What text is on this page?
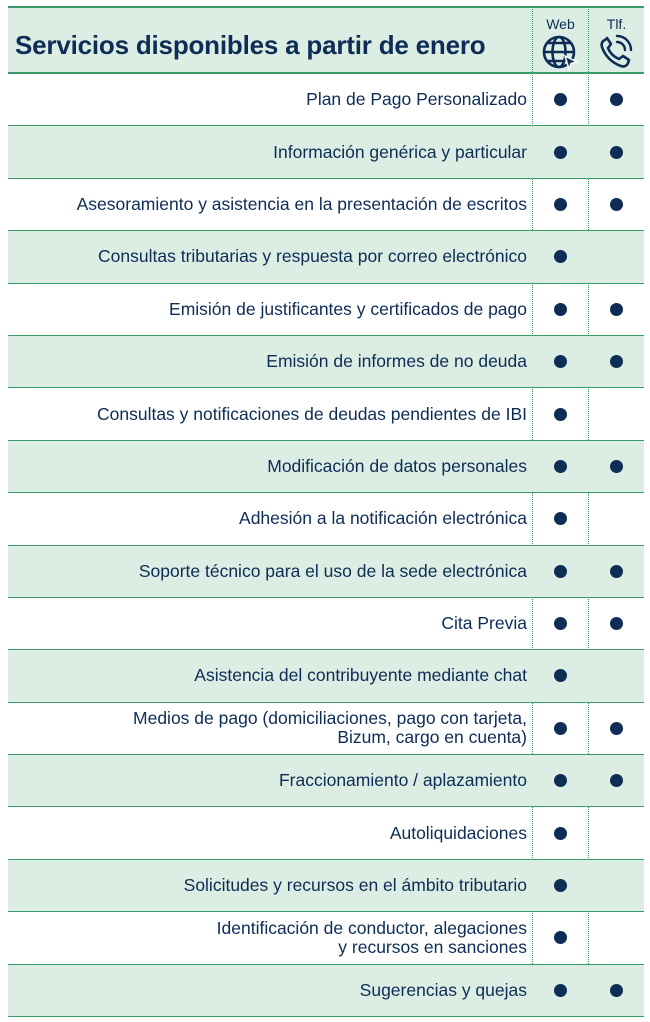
Servicios disponibles a partir de enero
Web	Tlf.
Plan de Pago Personalizado
Información genérica y particular
Asesoramiento y asistencia en la presentación de escritos
Consultas tributarias y respuesta por correo electrónico
Emisión de justificantes y certificados de pago
Emisión de informes de no deuda
Consultas y notificaciones de deudas pendientes de IBI
Modificación de datos personales
Adhesión a la notificación electrónica
Soporte técnico para el uso de la sede electrónica
Cita Previa
Asistencia del contribuyente mediante chat
Medios de pago (domiciliaciones, pago con tarjeta,
Bizum, cargo en cuenta)
Fraccionamiento / aplazamiento
Autoliquidaciones
Solicitudes y recursos en el ámbito tributario
Identificación de conductor, alegaciones
y recursos en sanciones
Sugerencias y quejas
